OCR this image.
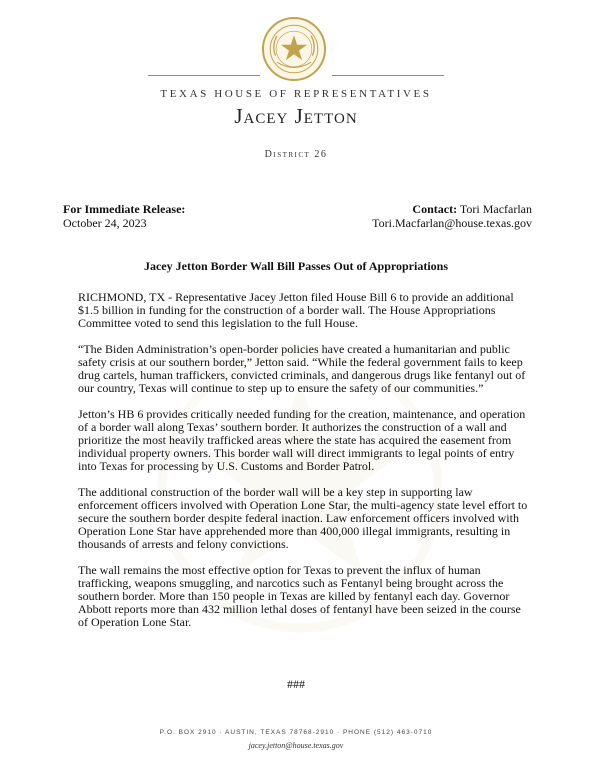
TEXAS HOUSE OF REPRESENTATIVES
Jacey Jetton
District 26
For Immediate Release:
October 24, 2023
Contact: Tori Macfarlan
Tori.Macfarlan@house.texas.gov
Jacey Jetton Border Wall Bill Passes Out of Appropriations

RICHMOND, TX - Representative Jacey Jetton filed House Bill 6 to provide an additional $1.5 billion in funding for the construction of a border wall. The House Appropriations Committee voted to send this legislation to the full House.

“The Biden Administration’s open-border policies have created a humanitarian and public safety crisis at our southern border,” Jetton said. “While the federal government fails to keep drug cartels, human traffickers, convicted criminals, and dangerous drugs like fentanyl out of our country, Texas will continue to step up to ensure the safety of our communities.”

Jetton’s HB 6 provides critically needed funding for the creation, maintenance, and operation of a border wall along Texas’ southern border. It authorizes the construction of a wall and prioritize the most heavily trafficked areas where the state has acquired the easement from individual property owners. This border wall will direct immigrants to legal points of entry into Texas for processing by U.S. Customs and Border Patrol.

The additional construction of the border wall will be a key step in supporting law enforcement officers involved with Operation Lone Star, the multi-agency state level effort to secure the southern border despite federal inaction. Law enforcement officers involved with Operation Lone Star have apprehended more than 400,000 illegal immigrants, resulting in thousands of arrests and felony convictions.

The wall remains the most effective option for Texas to prevent the influx of human trafficking, weapons smuggling, and narcotics such as Fentanyl being brought across the southern border. More than 150 people in Texas are killed by fentanyl each day. Governor Abbott reports more than 432 million lethal doses of fentanyl have been seized in the course of Operation Lone Star.

###
P.O. BOX 2910 · AUSTIN, TEXAS 78768-2910 · PHONE (512) 463-0710
jacey.jetton@house.texas.gov
